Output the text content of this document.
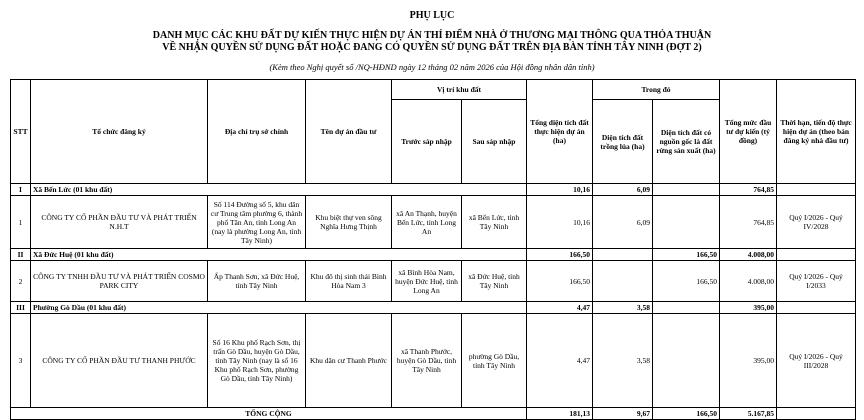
PHỤ LỤC
DANH MỤC CÁC KHU ĐẤT DỰ KIẾN THỰC HIỆN DỰ ÁN THÍ ĐIỂM NHÀ Ở THƯƠNG MẠI THÔNG QUA THỎA THUẬN
VỀ NHẬN QUYỀN SỬ DỤNG ĐẤT HOẶC ĐANG CÓ QUYỀN SỬ DỤNG ĐẤT TRÊN ĐỊA BÀN TỈNH TÂY NINH (ĐỢT 2)
(Kèm theo Nghị quyết số /NQ-HĐND ngày 12 tháng 02 năm 2026 của Hội đồng nhân dân tỉnh)
STT	Tổ chức đăng ký	Địa chỉ trụ sở chính	Tên dự án đầu tư	Vị trí khu đất		Tổng diện tích đất thực hiện dự án (ha)	Trong đó		Tổng mức đầu tư dự kiến (tỷ đồng)	Thời hạn, tiến độ thực hiện dự án (theo bản đăng ký nhà đầu tư)
				Trước sáp nhập	Sau sáp nhập		Diện tích đất trồng lúa (ha)	Diện tích đất có nguồn gốc là đất rừng sản xuất (ha)		
I	Xã Bến Lức (01 khu đất)					10,16	6,09		764,85	
1	CÔNG TY CỔ PHẦN ĐẦU TƯ VÀ PHÁT TRIỂN N.H.T	Số 114 Đường số 5, khu dân cư Trung tâm phường 6, thành phố Tân An, tỉnh Long An (nay là phường Long An, tỉnh Tây Ninh)	Khu biệt thự ven sông Nghĩa Hưng Thịnh	xã An Thạnh, huyện Bến Lức, tỉnh Long An	xã Bến Lức, tỉnh Tây Ninh	10,16	6,09		764,85	Quý I/2026 - Quý IV/2028
II	Xã Đức Huệ (01 khu đất)					166,50		166,50	4.008,00	
2	CÔNG TY TNHH ĐẦU TƯ VÀ PHÁT TRIỂN COSMO PARK CITY	Ấp Thanh Sơn, xã Đức Huệ, tỉnh Tây Ninh	Khu đô thị sinh thái Bình Hòa Nam 3	xã Bình Hòa Nam, huyện Đức Huệ, tỉnh Long An	xã Đức Huệ, tỉnh Tây Ninh	166,50		166,50	4.008,00	Quý I/2026 - Quý I/2033
III	Phường Gò Dầu (01 khu đất)					4,47	3,58		395,00	
3	CÔNG TY CỔ PHẦN ĐẦU TƯ THANH PHƯỚC	Số 16 Khu phố Rạch Sơn, thị trấn Gò Dầu, huyện Gò Dầu, tỉnh Tây Ninh (nay là số 16 Khu phố Rạch Sơn, phường Gò Dầu, tỉnh Tây Ninh)	Khu dân cư Thanh Phước	xã Thanh Phước, huyện Gò Dầu, tỉnh Tây Ninh	phường Gò Dầu, tỉnh Tây Ninh	4,47	3,58		395,00	Quý I/2026 - Quý III/2028
TỔNG CỘNG						181,13	9,67	166,50	5.167,85	
